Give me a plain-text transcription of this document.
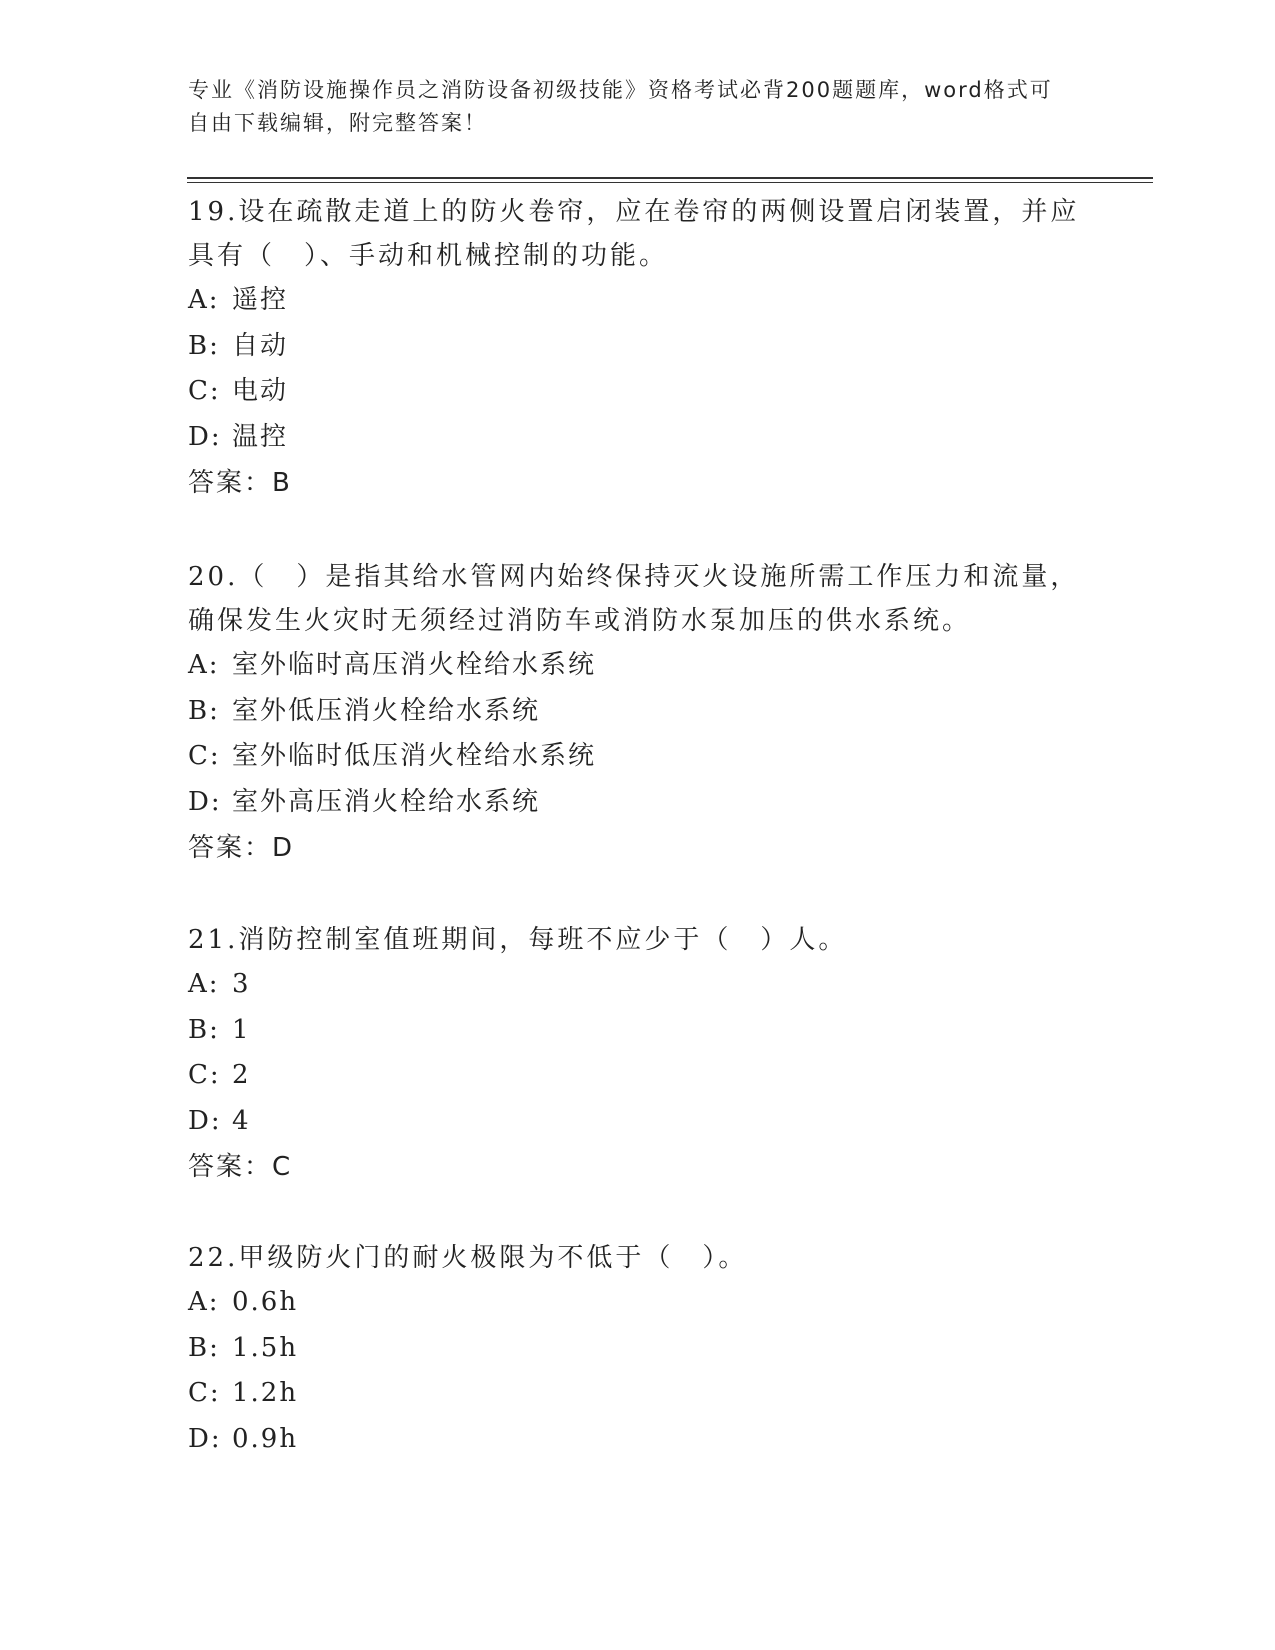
专业《消防设施操作员之消防设备初级技能》资格考试必背200题题库，word格式可自由下载编辑，附完整答案！

19.设在疏散走道上的防火卷帘，应在卷帘的两侧设置启闭装置，并应具有（　）、手动和机械控制的功能。

A: 遥控

B: 自动

C: 电动

D: 温控

答案：B

20.（　）是指其给水管网内始终保持灭火设施所需工作压力和流量，确保发生火灾时无须经过消防车或消防水泵加压的供水系统。

A: 室外临时高压消火栓给水系统

B: 室外低压消火栓给水系统

C: 室外临时低压消火栓给水系统

D: 室外高压消火栓给水系统

答案：D

21.消防控制室值班期间，每班不应少于（　）人。

A: 3

B: 1

C: 2

D: 4

答案：C

22.甲级防火门的耐火极限为不低于（　）。

A: 0.6h

B: 1.5h

C: 1.2h

D: 0.9h
